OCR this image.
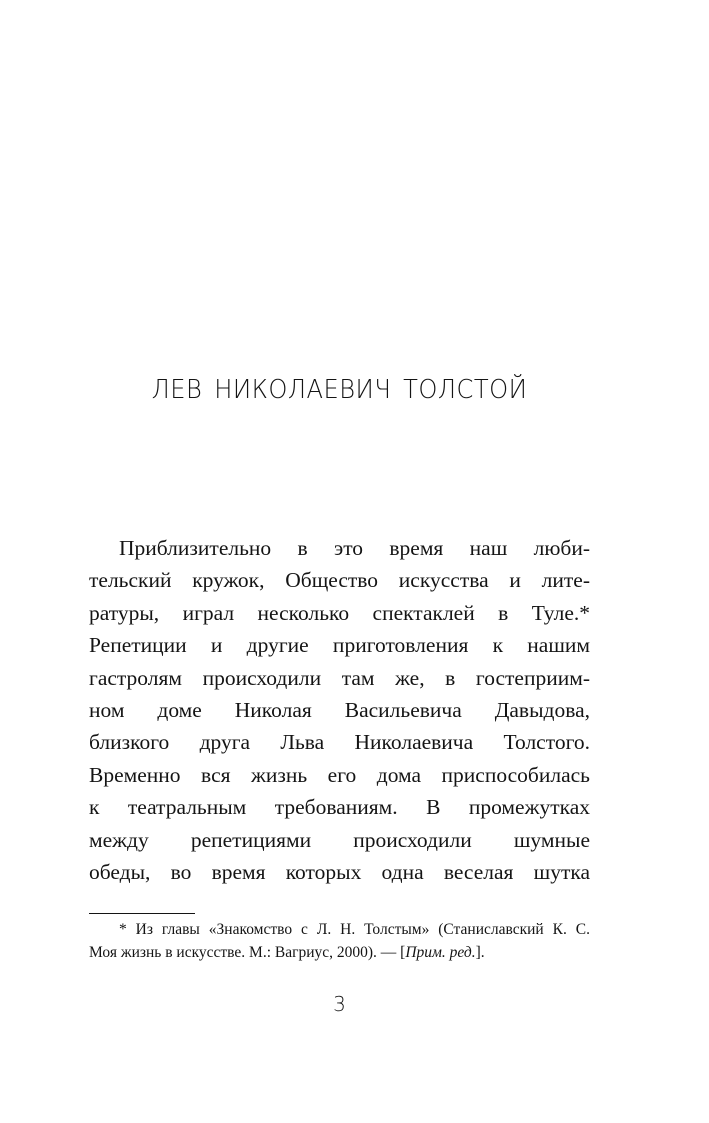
ЛЕВ НИКОЛАЕВИЧ ТОЛСТОЙ
Приблизительно в это время наш люби-
тельский кружок, Общество искусства и лите-
ратуры, играл несколько спектаклей в Туле.*
Репетиции и другие приготовления к нашим
гастролям происходили там же, в гостеприим-
ном доме Николая Васильевича Давыдова,
близкого друга Льва Николаевича Толстого.
Временно вся жизнь его дома приспособилась
к театральным требованиям. В промежутках
между репетициями происходили шумные
обеды, во время которых одна веселая шутка
* Из главы «Знакомство с Л. Н. Толстым» (Станиславский К. С.
Моя жизнь в искусстве. М.: Вагриус, 2000). — [Прим. ред.].
3
